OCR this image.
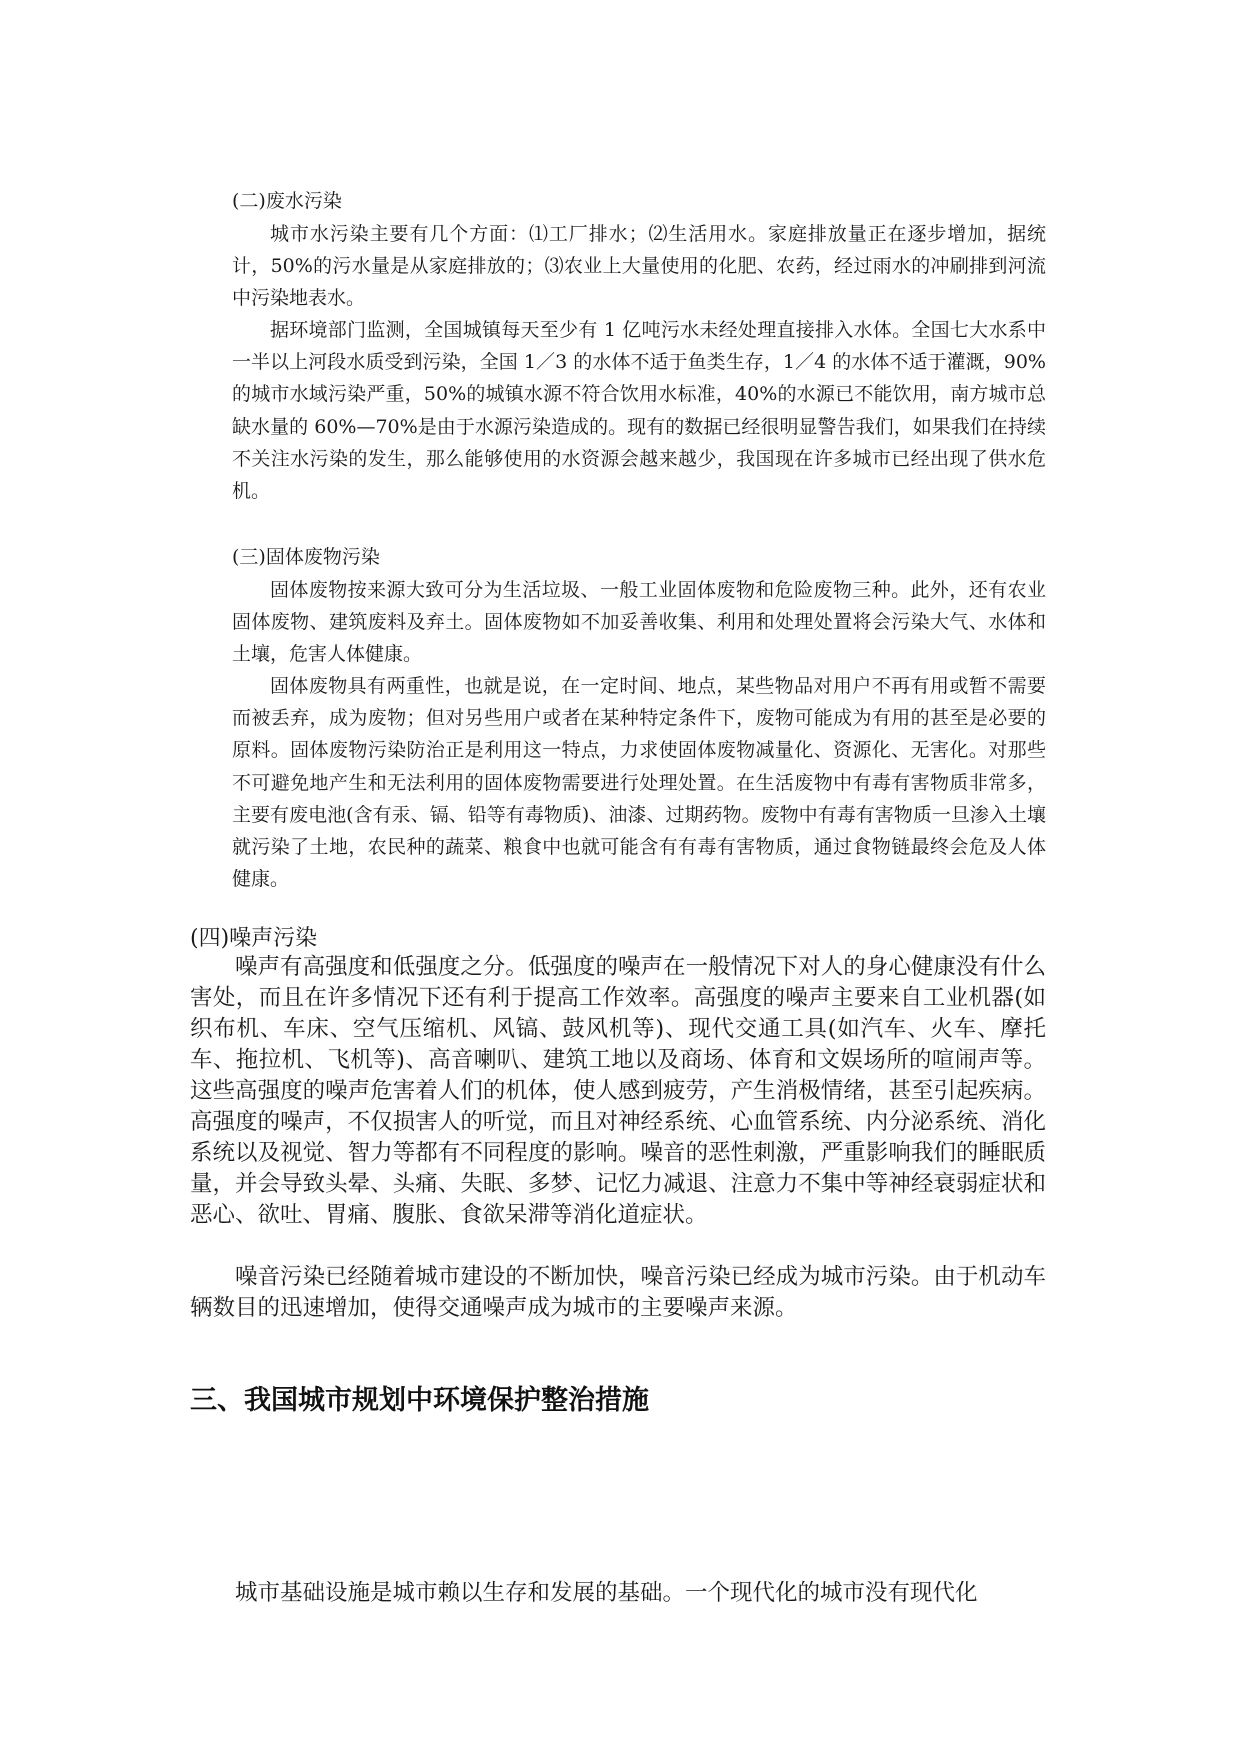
(二)废水污染

城市水污染主要有几个方面：⑴工厂排水；⑵生活用水。家庭排放量正在逐步增加，据统计，50%的污水量是从家庭排放的；⑶农业上大量使用的化肥、农药，经过雨水的冲刷排到河流中污染地表水。

据环境部门监测，全国城镇每天至少有 1 亿吨污水未经处理直接排入水体。全国七大水系中一半以上河段水质受到污染，全国 1／3 的水体不适于鱼类生存，1／4 的水体不适于灌溉，90%的城市水域污染严重，50%的城镇水源不符合饮用水标准，40%的水源已不能饮用，南方城市总缺水量的 60%—70%是由于水源污染造成的。现有的数据已经很明显警告我们，如果我们在持续不关注水污染的发生，那么能够使用的水资源会越来越少，我国现在许多城市已经出现了供水危机。

(三)固体废物污染

固体废物按来源大致可分为生活垃圾、一般工业固体废物和危险废物三种。此外，还有农业固体废物、建筑废料及弃土。固体废物如不加妥善收集、利用和处理处置将会污染大气、水体和土壤，危害人体健康。

固体废物具有两重性，也就是说，在一定时间、地点，某些物品对用户不再有用或暂不需要而被丢弃，成为废物；但对另些用户或者在某种特定条件下，废物可能成为有用的甚至是必要的原料。固体废物污染防治正是利用这一特点，力求使固体废物减量化、资源化、无害化。对那些不可避免地产生和无法利用的固体废物需要进行处理处置。在生活废物中有毒有害物质非常多，主要有废电池(含有汞、镉、铅等有毒物质)、油漆、过期药物。废物中有毒有害物质一旦渗入土壤就污染了土地，农民种的蔬菜、粮食中也就可能含有有毒有害物质，通过食物链最终会危及人体健康。

(四)噪声污染

噪声有高强度和低强度之分。低强度的噪声在一般情况下对人的身心健康没有什么害处，而且在许多情况下还有利于提高工作效率。高强度的噪声主要来自工业机器(如织布机、车床、空气压缩机、风镐、鼓风机等)、现代交通工具(如汽车、火车、摩托车、拖拉机、飞机等)、高音喇叭、建筑工地以及商场、体育和文娱场所的喧闹声等。这些高强度的噪声危害着人们的机体，使人感到疲劳，产生消极情绪，甚至引起疾病。高强度的噪声，不仅损害人的听觉，而且对神经系统、心血管系统、内分泌系统、消化系统以及视觉、智力等都有不同程度的影响。噪音的恶性刺激，严重影响我们的睡眠质量，并会导致头晕、头痛、失眠、多梦、记忆力减退、注意力不集中等神经衰弱症状和恶心、欲吐、胃痛、腹胀、食欲呆滞等消化道症状。

噪音污染已经随着城市建设的不断加快，噪音污染已经成为城市污染。由于机动车辆数目的迅速增加，使得交通噪声成为城市的主要噪声来源。

三、我国城市规划中环境保护整治措施

城市基础设施是城市赖以生存和发展的基础。一个现代化的城市没有现代化
